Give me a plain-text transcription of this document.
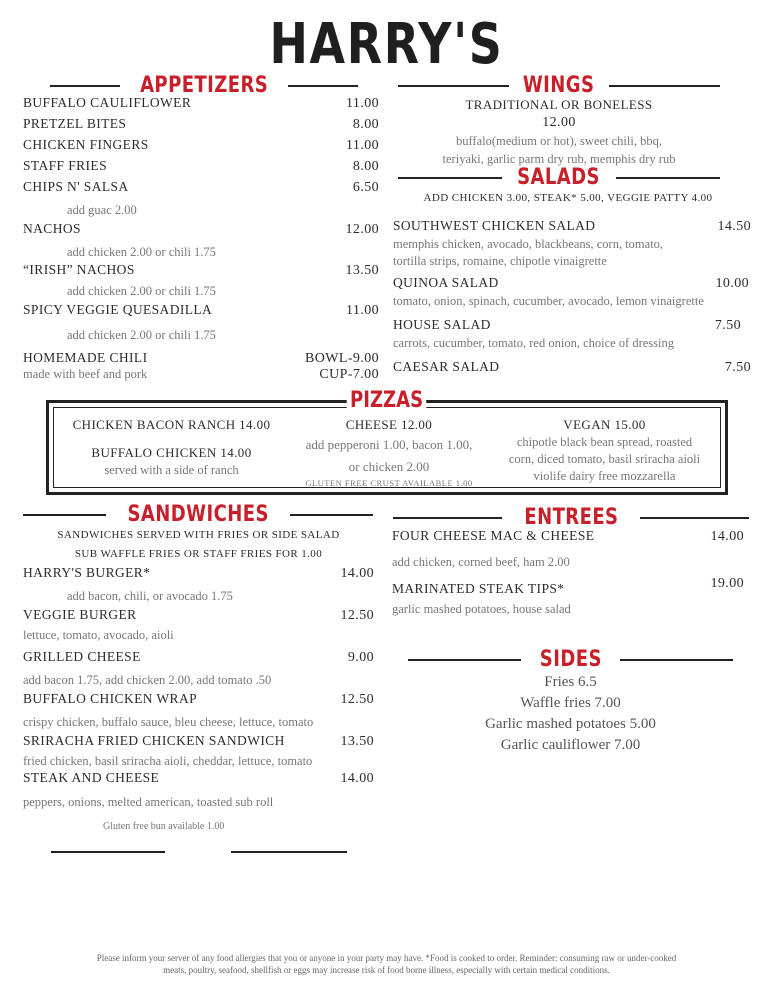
HARRY'S
APPETIZERS	WINGS
BUFFALO CAULIFLOWER	11.00
PRETZEL BITES	8.00
CHICKEN FINGERS	11.00
STAFF FRIES	8.00
CHIPS N' SALSA	6.50
add guac 2.00
NACHOS	12.00
add chicken 2.00 or chili 1.75
“IRISH” NACHOS	13.50
add chicken 2.00 or chili 1.75
SPICY VEGGIE QUESADILLA	11.00
add chicken 2.00 or chili 1.75
HOMEMADE CHILI	BOWL-9.00
made with beef and pork	CUP-7.00
TRADITIONAL OR BONELESS
12.00
buffalo(medium or hot), sweet chili, bbq,
teriyaki, garlic parm dry rub, memphis dry rub
SALADS
ADD CHICKEN 3.00, STEAK* 5.00, VEGGIE PATTY 4.00
SOUTHWEST CHICKEN SALAD	14.50
memphis chicken, avocado, blackbeans, corn, tomato,
tortilla strips, romaine, chipotle vinaigrette
QUINOA SALAD	10.00
tomato, onion, spinach, cucumber, avocado, lemon vinaigrette
HOUSE SALAD	7.50
carrots, cucumber, tomato, red onion, choice of dressing
CAESAR SALAD	7.50
CHICKEN BACON RANCH 14.00
BUFFALO CHICKEN 14.00
served with a side of ranch
CHEESE 12.00
add pepperoni 1.00, bacon 1.00,
or chicken 2.00
GLUTEN FREE CRUST AVAILABLE 1.00
VEGAN 15.00
chipotle black bean spread, roasted
corn, diced tomato, basil sriracha aioli
violife dairy free mozzarella
PIZZAS
SANDWICHES
SANDWICHES SERVED WITH FRIES OR SIDE SALAD
SUB WAFFLE FRIES OR STAFF FRIES FOR 1.00
HARRY'S BURGER*	14.00
add bacon, chili, or avocado 1.75
VEGGIE BURGER	12.50
lettuce, tomato, avocado, aioli
GRILLED CHEESE	9.00
add bacon 1.75, add chicken 2.00, add tomato .50
BUFFALO CHICKEN WRAP	12.50
crispy chicken, buffalo sauce, bleu cheese, lettuce, tomato
SRIRACHA FRIED CHICKEN SANDWICH	13.50
fried chicken, basil sriracha aioli, cheddar, lettuce, tomato
STEAK AND CHEESE	14.00
peppers, onions, melted american, toasted sub roll
Gluten free bun available 1.00
ENTREES
FOUR CHEESE MAC & CHEESE	14.00
add chicken, corned beef, ham 2.00
MARINATED STEAK TIPS*	19.00
garlic mashed potatoes, house salad
SIDES
Fries 6.5
Waffle fries 7.00
Garlic mashed potatoes 5.00
Garlic cauliflower 7.00
Please inform your server of any food allergies that you or anyone in your party may have. *Food is cooked to order. Reminder: consuming raw or under-cooked
meats, poultry, seafood, shellfish or eggs may increase risk of food borne illness, especially with certain medical conditions.
